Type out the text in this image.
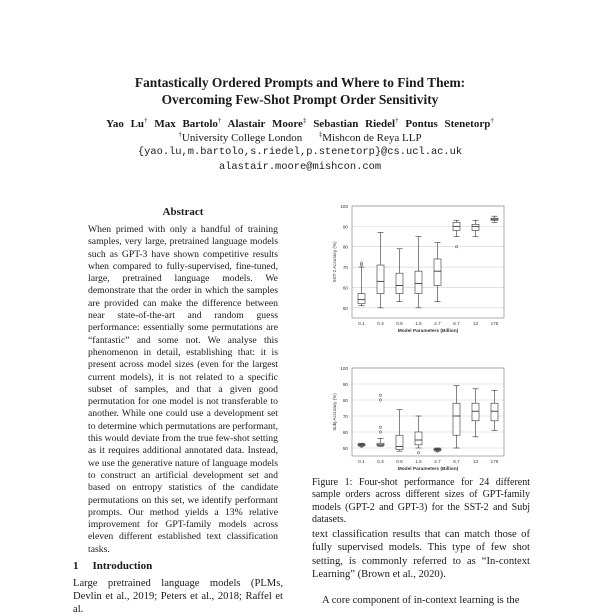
Fantastically Ordered Prompts and Where to Find Them:
Overcoming Few-Shot Prompt Order Sensitivity
Yao Lu† Max Bartolo† Alastair Moore‡ Sebastian Riedel† Pontus Stenetorp†
†University College London ‡Mishcon de Reya LLP
{yao.lu,m.bartolo,s.riedel,p.stenetorp}@cs.ucl.ac.uk
alastair.moore@mishcon.com
Abstract
When primed with only a handful of training samples, very large, pretrained language models such as GPT-3 have shown competitive results when compared to fully-supervised, fine-tuned, large, pretrained language models. We demonstrate that the order in which the samples are provided can make the difference between near state-of-the-art and random guess performance: essentially some permutations are “fantastic” and some not. We analyse this phenomenon in detail, establishing that: it is present across model sizes (even for the largest current models), it is not related to a specific subset of samples, and that a given good permutation for one model is not transferable to another. While one could use a development set to determine which permutations are performant, this would deviate from the true few-shot setting as it requires additional annotated data. Instead, we use the generative nature of language models to construct an artificial development set and based on entropy statistics of the candidate permutations on this set, we identify performant prompts. Our method yields a 13% relative improvement for GPT-family models across eleven different established text classification tasks.
1 Introduction
Large pretrained language models (PLMs, Devlin et al., 2019; Peters et al., 2018; Raffel et al.
50
60
70
80
90
100
SST-2 Accuracy (%)
0.1	0.3	0.8	1.5	2.7	6.7	13	175
Model Parameters (Billion)
50
60
70
80
90
100
Subj Accuracy (%)
0.1	0.3	0.8	1.5	2.7	6.7	13	175
Model Parameters (Billion)
Figure 1: Four-shot performance for 24 different sample orders across different sizes of GPT-family models (GPT-2 and GPT-3) for the SST-2 and Subj datasets.
text classification results that can match those of fully supervised models. This type of few shot setting, is commonly referred to as “In-context Learning” (Brown et al., 2020).
A core component of in-context learning is the
